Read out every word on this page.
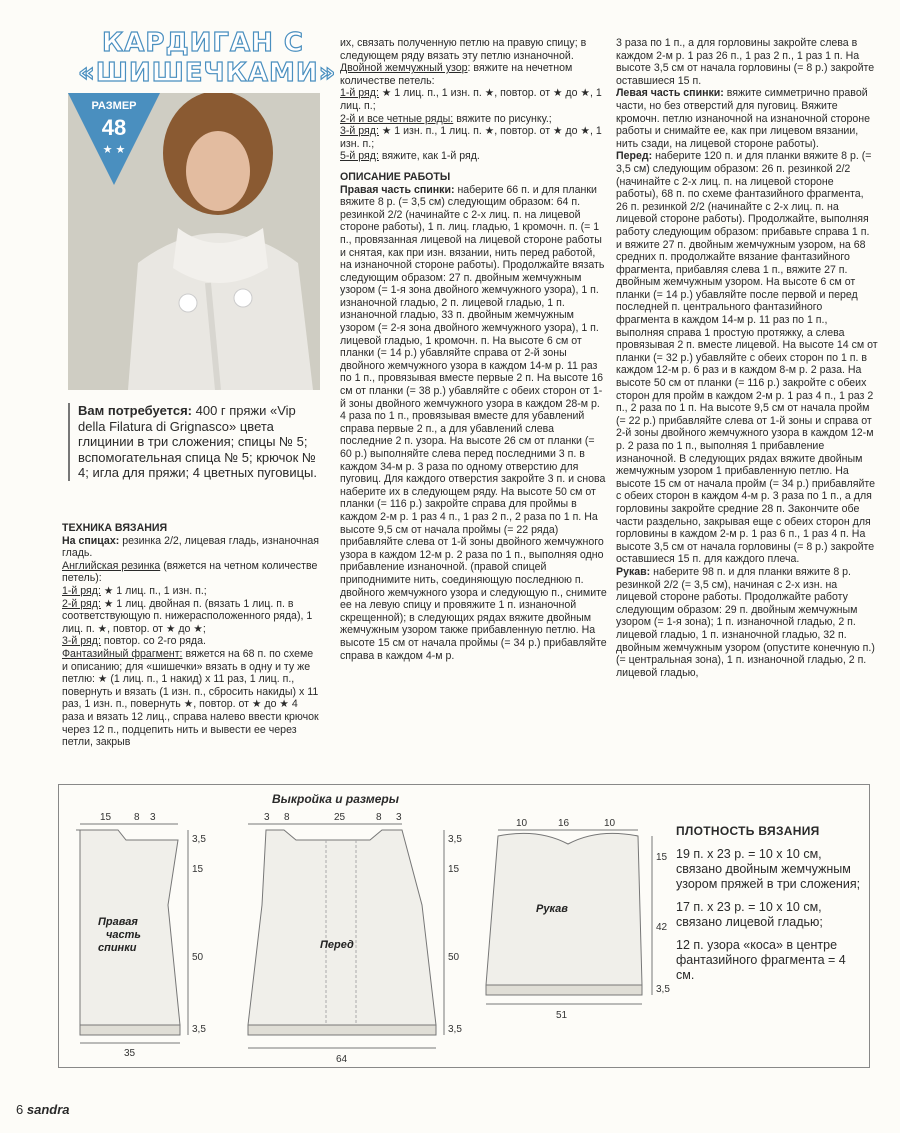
КАРДИГАН С
«ШИШЕЧКАМИ»
РАЗМЕР
48
★ ★
Вам потребуется: 400 г пряжи «Vip della Filatura di Grignasco» цвета глицинии в три сложения; спицы № 5; вспомогательная спица № 5; крючок № 4; игла для пряжи; 4 цветных пуговицы.

ТЕХНИКА ВЯЗАНИЯ

На спицах: резинка 2/2, лицевая гладь, изнаночная гладь.

Английская резинка (вяжется на четном количестве петель):

1-й ряд: ★ 1 лиц. п., 1 изн. п.;

2-й ряд: ★ 1 лиц. двойная п. (вязать 1 лиц. п. в соответствующую п. нижерасположенного ряда), 1 лиц. п. ★, повтор. от ★ до ★;

3-й ряд: повтор. со 2-го ряда.

Фантазийный фрагмент: вяжется на 68 п. по схеме и описанию; для «шишечки» вязать в одну и ту же петлю: ★ (1 лиц. п., 1 накид) х 11 раз, 1 лиц. п., повернуть и вязать (1 изн. п., сбросить накиды) х 11 раз, 1 изн. п., повернуть ★, повтор. от ★ до ★ 4 раза и вязать 12 лиц., справа налево ввести крючок через 12 п., подцепить нить и вывести ее через петли, закрыв

их, связать полученную петлю на правую спицу; в следующем ряду вязать эту петлю изнаночной.

Двойной жемчужный узор: вяжите на нечетном количестве петель:

1-й ряд: ★ 1 лиц. п., 1 изн. п. ★, повтор. от ★ до ★, 1 лиц. п.;

2-й и все четные ряды: вяжите по рисунку.;

3-й ряд: ★ 1 изн. п., 1 лиц. п. ★, повтор. от ★ до ★, 1 изн. п.;

5-й ряд: вяжите, как 1-й ряд.

ОПИСАНИЕ РАБОТЫ

Правая часть спинки: наберите 66 п. и для планки вяжите 8 р. (= 3,5 см) следующим образом: 64 п. резинкой 2/2 (начинайте с 2-х лиц. п. на лицевой стороне работы), 1 п. лиц. гладью, 1 кромочн. п. (= 1 п., провязанная лицевой на лицевой стороне работы и снятая, как при изн. вязании, нить перед работой, на изнаночной стороне работы). Продолжайте вязать следующим образом: 27 п. двойным жемчужным узором (= 1-я зона двойного жемчужного узора), 1 п. изнаночной гладью, 2 п. лицевой гладью, 1 п. изнаночной гладью, 33 п. двойным жемчужным узором (= 2-я зона двойного жемчужного узора), 1 п. лицевой гладью, 1 кромочн. п. На высоте 6 см от планки (= 14 р.) убавляйте справа от 2-й зоны двойного жемчужного узора в каждом 14-м р. 11 раз по 1 п., провязывая вместе первые 2 п. На высоте 16 см от планки (= 38 р.) убавляйте с обеих сторон от 1-й зоны двойного жемчужного узора в каждом 28-м р. 4 раза по 1 п., провязывая вместе для убавлений справа первые 2 п., а для убавлений слева последние 2 п. узора. На высоте 26 см от планки (= 60 р.) выполняйте слева перед последними 3 п. в каждом 34-м р. 3 раза по одному отверстию для пуговиц. Для каждого отверстия закройте 3 п. и снова наберите их в следующем ряду. На высоте 50 см от планки (= 116 р.) закройте справа для проймы в каждом 2-м р. 1 раз 4 п., 1 раз 2 п., 2 раза по 1 п. На высоте 9,5 см от начала проймы (= 22 ряда) прибавляйте слева от 1-й зоны двойного жемчужного узора в каждом 12-м р. 2 раза по 1 п., выполняя одно прибавление изнаночной. (правой спицей приподнимите нить, соединяющую последнюю п. двойного жемчужного узора и следующую п., снимите ее на левую спицу и провяжите 1 п. изнаночной скрещенной); в следующих рядах вяжите двойным жемчужным узором также прибавленную петлю. На высоте 15 см от начала проймы (= 34 р.) прибавляйте справа в каждом 4-м р.

3 раза по 1 п., а для горловины закройте слева в каждом 2-м р. 1 раз 26 п., 1 раз 2 п., 1 раз 1 п. На высоте 3,5 см от начала горловины (= 8 р.) закройте оставшиеся 15 п.

Левая часть спинки: вяжите симметрично правой части, но без отверстий для пуговиц. Вяжите кромочн. петлю изнаночной на изнаночной стороне работы и снимайте ее, как при лицевом вязании, нить сзади, на лицевой стороне работы).

Перед: наберите 120 п. и для планки вяжите 8 р. (= 3,5 см) следующим образом: 26 п. резинкой 2/2 (начинайте с 2-х лиц. п. на лицевой стороне работы), 68 п. по схеме фантазийного фрагмента, 26 п. резинкой 2/2 (начинайте с 2-х лиц. п. на лицевой стороне работы). Продолжайте, выполняя работу следующим образом: прибавьте справа 1 п. и вяжите 27 п. двойным жемчужным узором, на 68 средних п. продолжайте вязание фантазийного фрагмента, прибавляя слева 1 п., вяжите 27 п. двойным жемчужным узором. На высоте 6 см от планки (= 14 р.) убавляйте после первой и перед последней п. центрального фантазийного фрагмента в каждом 14-м р. 11 раз по 1 п., выполняя справа 1 простую протяжку, а слева провязывая 2 п. вместе лицевой. На высоте 14 см от планки (= 32 р.) убавляйте с обеих сторон по 1 п. в каждом 12-м р. 6 раз и в каждом 8-м р. 2 раза. На высоте 50 см от планки (= 116 р.) закройте с обеих сторон для пройм в каждом 2-м р. 1 раз 4 п., 1 раз 2 п., 2 раза по 1 п. На высоте 9,5 см от начала пройм (= 22 р.) прибавляйте слева от 1-й зоны и справа от 2-й зоны двойного жемчужного узора в каждом 12-м р. 2 раза по 1 п., выполняя 1 прибавление изнаночной. В следующих рядах вяжите двойным жемчужным узором 1 прибавленную петлю. На высоте 15 см от начала пройм (= 34 р.) прибавляйте с обеих сторон в каждом 4-м р. 3 раза по 1 п., а для горловины закройте средние 28 п. Закончите обе части раздельно, закрывая еще с обеих сторон для горловины в каждом 2-м р. 1 раз 6 п., 1 раз 4 п. На высоте 3,5 см от начала горловины (= 8 р.) закройте оставшиеся 15 п. для каждого плеча.

Рукав: наберите 98 п. и для планки вяжите 8 р. резинкой 2/2 (= 3,5 см), начиная с 2-х изн. на лицевой стороне работы. Продолжайте работу следующим образом: 29 п. двойным жемчужным узором (= 1-я зона); 1 п. изнаночной гладью, 2 п. лицевой гладью, 1 п. изнаночной гладью, 32 п. двойным жемчужным узором (опустите конечную п.) (= центральная зона), 1 п. изнаночной гладью, 2 п. лицевой гладью,

Выкройка и размеры
15 8 3
3,5
15
50
3,5
35
3 8	25	8 3
3,5
15
50
3,5
64
10	16	10
15
42
3,5
51
Правая
часть
спинки	Перед
Рукав

ПЛОТНОСТЬ ВЯЗАНИЯ

19 п. х 23 р. = 10 х 10 см, связано двойным жемчужным узором пряжей в три сложения;

17 п. х 23 р. = 10 х 10 см, связано лицевой гладью;

12 п. узора «коса» в центре фантазийного фрагмента = 4 см.

6 sandra
